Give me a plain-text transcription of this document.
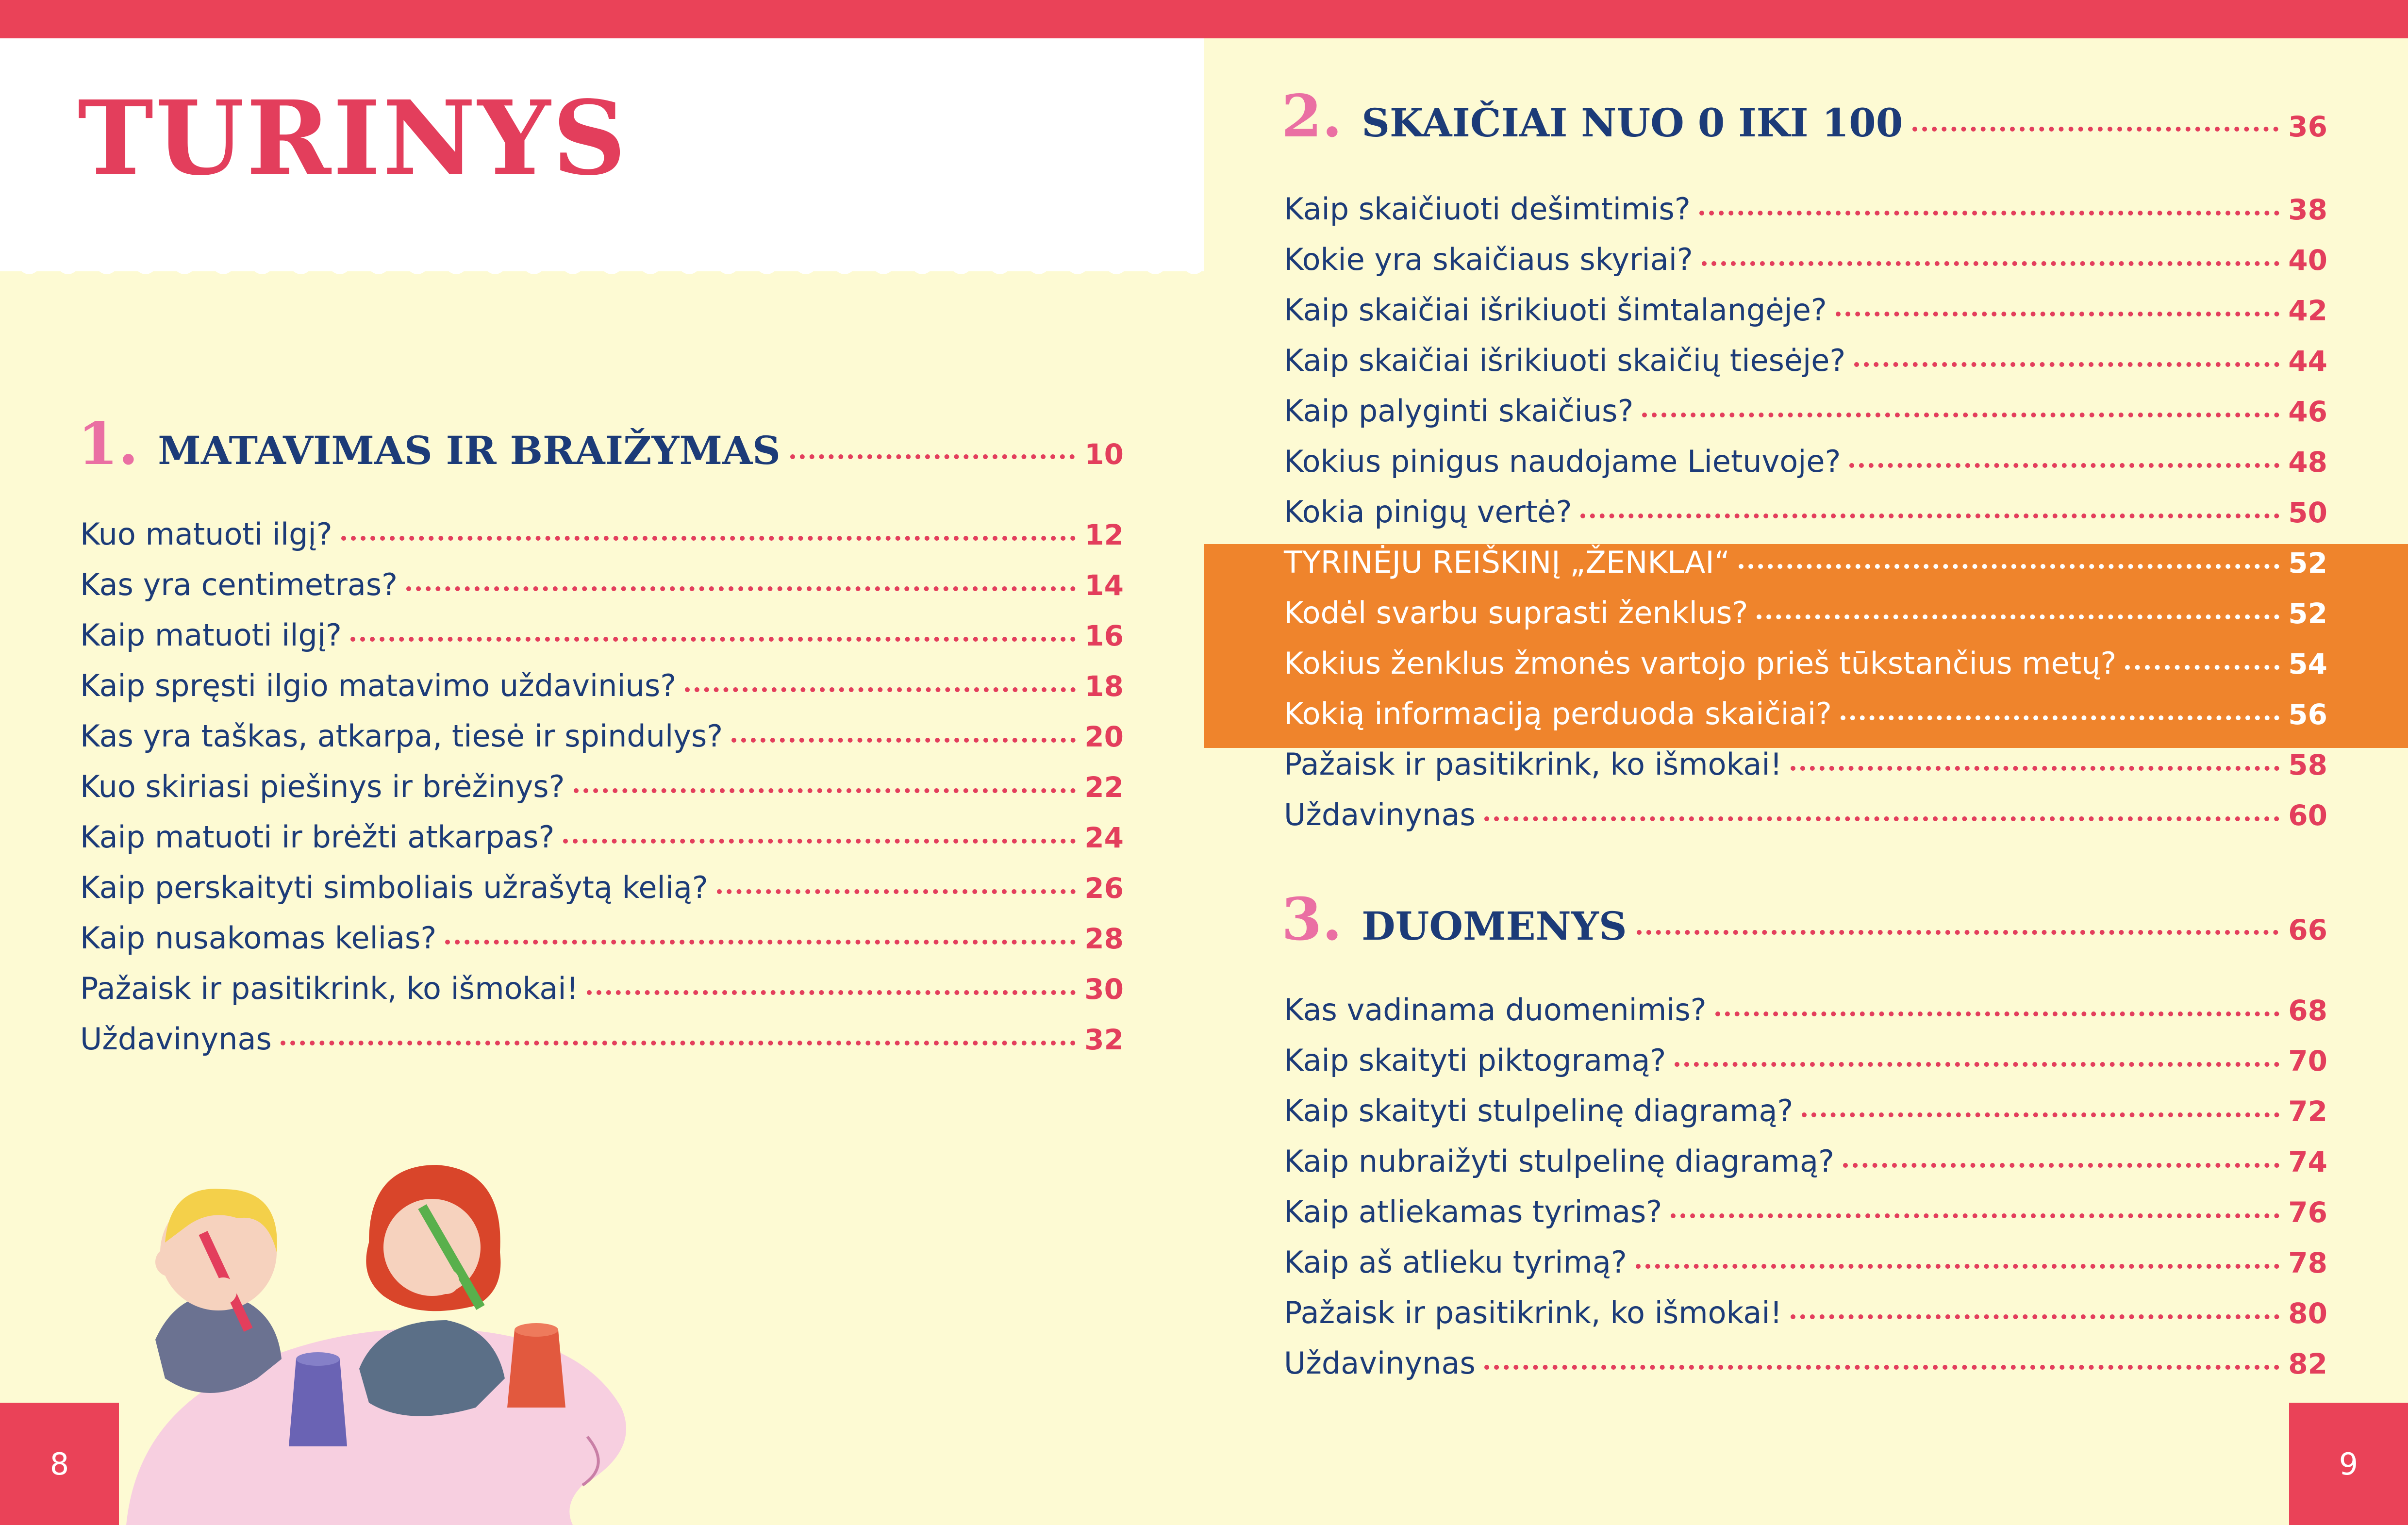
TURINYS
1. MATAVIMAS IR BRAIŽYMAS	10
Kuo matuoti ilgį?	12
Kas yra centimetras?	14
Kaip matuoti ilgį?	16
Kaip spręsti ilgio matavimo uždavinius?	18
Kas yra taškas, atkarpa, tiesė ir spindulys?	20
Kuo skiriasi piešinys ir brėžinys?	22
Kaip matuoti ir brėžti atkarpas?	24
Kaip perskaityti simboliais užrašytą kelią?	26
Kaip nusakomas kelias?	28
Pažaisk ir pasitikrink, ko išmokai!	30
Uždavinynas	32
2. SKAIČIAI NUO 0 IKI 100	36
Kaip skaičiuoti dešimtimis?	38
Kokie yra skaičiaus skyriai?	40
Kaip skaičiai išrikiuoti šimtalangėje?	42
Kaip skaičiai išrikiuoti skaičių tiesėje?	44
Kaip palyginti skaičius?	46
Kokius pinigus naudojame Lietuvoje?	48
Kokia pinigų vertė?	50
TYRINĖJU REIŠKINĮ „ŽENKLAI“	52
Kodėl svarbu suprasti ženklus?	52
Kokius ženklus žmonės vartojo prieš tūkstančius metų?	54
Kokią informaciją perduoda skaičiai?	56
Pažaisk ir pasitikrink, ko išmokai!	58
Uždavinynas	60
3. DUOMENYS	66
Kas vadinama duomenimis?	68
Kaip skaityti piktogramą?	70
Kaip skaityti stulpelinę diagramą?	72
Kaip nubraižyti stulpelinę diagramą?	74
Kaip atliekamas tyrimas?	76
Kaip aš atlieku tyrimą?	78
Pažaisk ir pasitikrink, ko išmokai!	80
Uždavinynas	82
8	9
